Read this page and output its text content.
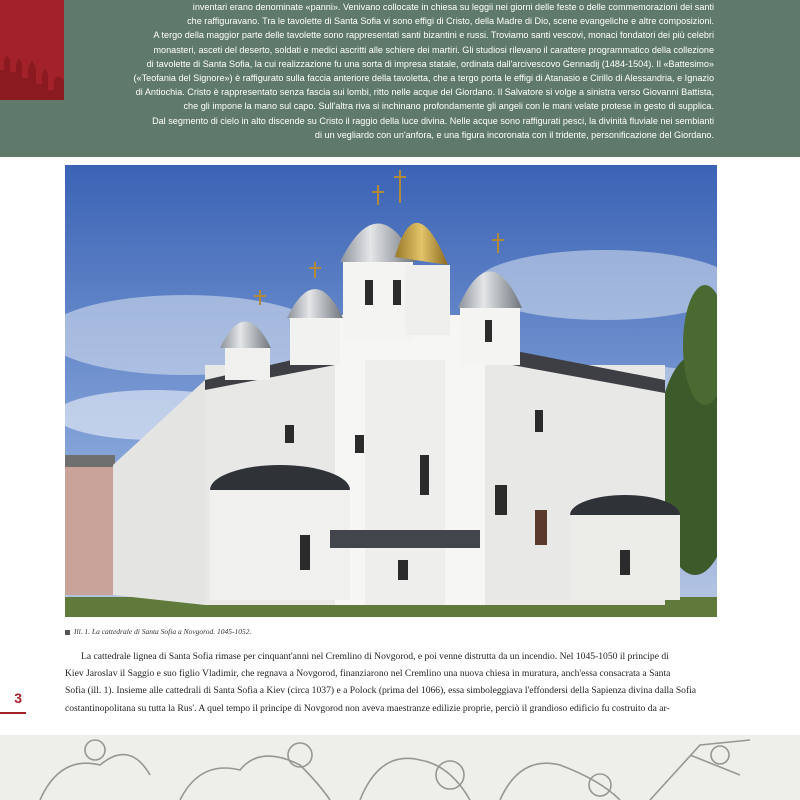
inventari erano denominate «panni». Venivano collocate in chiesa su leggii nei giorni delle feste o delle commemorazioni dei santi
che raffiguravano. Tra le tavolette di Santa Sofia vi sono effigi di Cristo, della Madre di Dio, scene evangeliche e altre composizioni.
A tergo della maggior parte delle tavolette sono rappresentati santi bizantini e russi. Troviamo santi vescovi, monaci fondatori dei più celebri
monasteri, asceti del deserto, soldati e medici ascritti alle schiere dei martiri. Gli studiosi rilevano il carattere programmatico della collezione
di tavolette di Santa Sofia, la cui realizzazione fu una sorta di impresa statale, ordinata dall'arcivescovo Gennadij (1484-1504). Il «Battesimo»
(«Teofania del Signore») è raffigurato sulla faccia anteriore della tavoletta, che a tergo porta le effigi di Atanasio e Cirillo di Alessandria, e Ignazio
di Antiochia. Cristo è rappresentato senza fascia sui lombi, ritto nelle acque del Giordano. Il Salvatore si volge a sinistra verso Giovanni Battista,
che gli impone la mano sul capo. Sull'altra riva si inchinano profondamente gli angeli con le mani velate protese in gesto di supplica.
Dal segmento di cielo in alto discende su Cristo il raggio della luce divina. Nelle acque sono raffigurati pesci, la divinità fluviale nei sembianti
di un vegliardo con un'anfora, e una figura incoronata con il tridente, personificazione del Giordano.
Ill. 1. La cattedrale di Santa Sofia a Novgorod. 1045-1052.
La cattedrale lignea di Santa Sofia rimase per cinquant'anni nel Cremlino di Novgorod, e poi venne distrutta da un incendio. Nel 1045-1050 il principe di
Kiev Jaroslav il Saggio e suo figlio Vladimir, che regnava a Novgorod, finanziarono nel Cremlino una nuova chiesa in muratura, anch'essa consacrata a Santa
Sofia (ill. 1). Insieme alle cattedrali di Santa Sofia a Kiev (circa 1037) e a Polock (prima del 1066), essa simboleggiava l'effondersi della Sapienza divina dalla Sofia
costantinopolitana su tutta la Rus'. A quel tempo il principe di Novgorod non aveva maestranze edilizie proprie, perciò il grandioso edificio fu costruito da ar-
3
